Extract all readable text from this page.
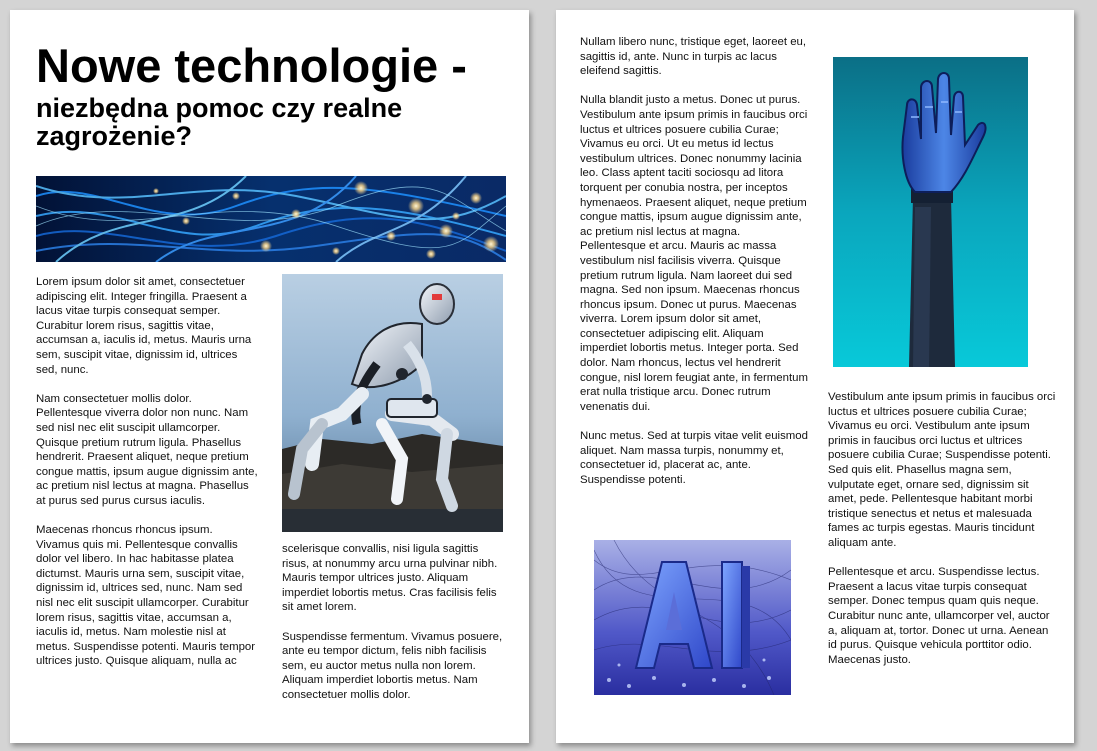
Nowe technologie -
niezbędna pomoc czy realne zagrożenie?

Lorem ipsum dolor sit amet, consectetuer adipiscing elit. Integer fringilla. Praesent a lacus vitae turpis consequat semper. Curabitur lorem risus, sagittis vitae, accumsan a, iaculis id, metus. Mauris urna sem, suscipit vitae, dignissim id, ultrices sed, nunc.

Nam consectetuer mollis dolor. Pellentesque viverra dolor non nunc. Nam sed nisl nec elit suscipit ullamcorper. Quisque pretium rutrum ligula. Phasellus hendrerit. Praesent aliquet, neque pretium congue mattis, ipsum augue dignissim ante, ac pretium nisl lectus at magna. Phasellus at purus sed purus cursus iaculis.

Maecenas rhoncus rhoncus ipsum. Vivamus quis mi. Pellentesque convallis dolor vel libero. In hac habitasse platea dictumst. Mauris urna sem, suscipit vitae, dignissim id, ultrices sed, nunc. Nam sed nisl nec elit suscipit ullamcorper. Curabitur lorem risus, sagittis vitae, accumsan a, iaculis id, metus. Nam molestie nisl at metus. Suspendisse potenti. Mauris tempor ultrices justo. Quisque aliquam, nulla ac

scelerisque convallis, nisi ligula sagittis risus, at nonummy arcu urna pulvinar nibh. Mauris tempor ultrices justo. Aliquam imperdiet lobortis metus. Cras facilisis felis sit amet lorem.

Suspendisse fermentum. Vivamus posuere, ante eu tempor dictum, felis nibh facilisis sem, eu auctor metus nulla non lorem. Aliquam imperdiet lobortis metus. Nam consectetuer mollis dolor.

Nullam libero nunc, tristique eget, laoreet eu, sagittis id, ante. Nunc in turpis ac lacus eleifend sagittis.

Nulla blandit justo a metus. Donec ut purus. Vestibulum ante ipsum primis in faucibus orci luctus et ultrices posuere cubilia Curae; Vivamus eu orci. Ut eu metus id lectus vestibulum ultrices. Donec nonummy lacinia leo. Class aptent taciti sociosqu ad litora torquent per conubia nostra, per inceptos hymenaeos. Praesent aliquet, neque pretium congue mattis, ipsum augue dignissim ante, ac pretium nisl lectus at magna. Pellentesque et arcu. Mauris ac massa vestibulum nisl facilisis viverra. Quisque pretium rutrum ligula. Nam laoreet dui sed magna. Sed non ipsum. Maecenas rhoncus rhoncus ipsum. Donec ut purus. Maecenas viverra. Lorem ipsum dolor sit amet, consectetuer adipiscing elit. Aliquam imperdiet lobortis metus. Integer porta. Sed dolor. Nam rhoncus, lectus vel hendrerit congue, nisl lorem feugiat ante, in fermentum erat nulla tristique arcu. Donec rutrum venenatis dui.

Nunc metus. Sed at turpis vitae velit euismod aliquet. Nam massa turpis, nonummy et, consectetuer id, placerat ac, ante. Suspendisse potenti.

Vestibulum ante ipsum primis in faucibus orci luctus et ultrices posuere cubilia Curae; Vivamus eu orci. Vestibulum ante ipsum primis in faucibus orci luctus et ultrices posuere cubilia Curae; Suspendisse potenti. Sed quis elit. Phasellus magna sem, vulputate eget, ornare sed, dignissim sit amet, pede. Pellentesque habitant morbi tristique senectus et netus et malesuada fames ac turpis egestas. Mauris tincidunt aliquam ante.

Pellentesque et arcu. Suspendisse lectus. Praesent a lacus vitae turpis consequat semper. Donec tempus quam quis neque. Curabitur nunc ante, ullamcorper vel, auctor a, aliquam at, tortor. Donec ut urna. Aenean id purus. Quisque vehicula porttitor odio. Maecenas justo.
